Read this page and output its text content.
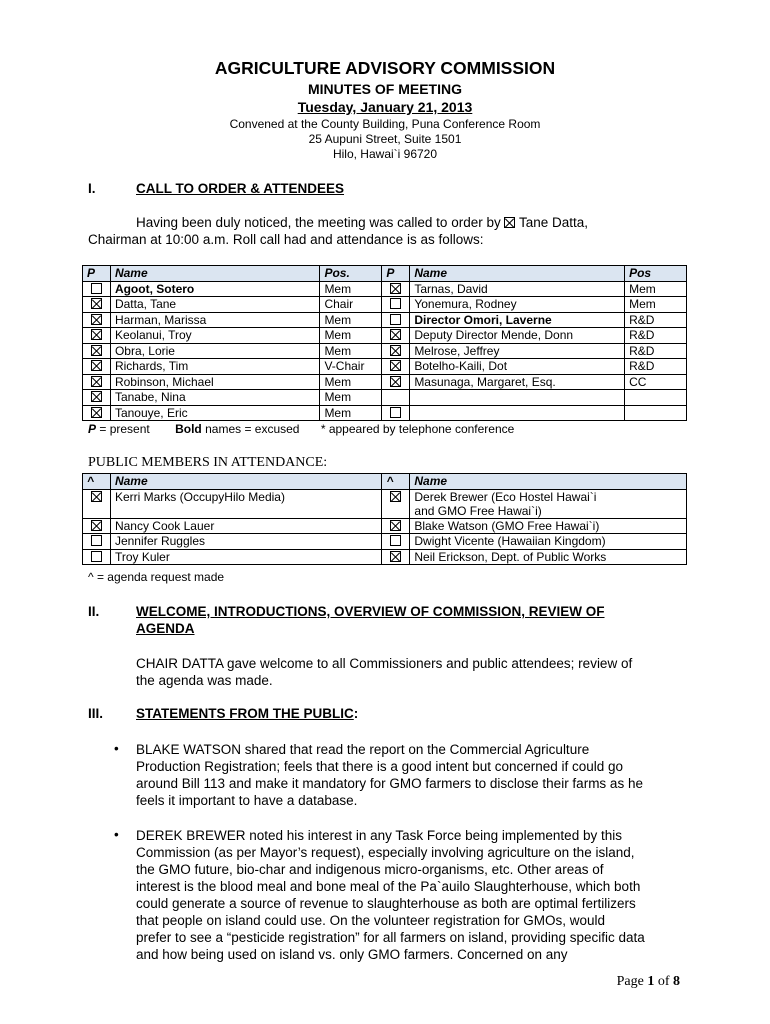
AGRICULTURE ADVISORY COMMISSION
MINUTES OF MEETING
Tuesday, January 21, 2013
Convened at the County Building, Puna Conference Room
25 Aupuni Street, Suite 1501
Hilo, Hawai`i 96720
I.	CALL TO ORDER & ATTENDEES
Having been duly noticed, the meeting was called to order by Tane Datta,
Chairman at 10:00 a.m. Roll call had and attendance is as follows:
P	Name	Pos.	P	Name	Pos
	Agoot, Sotero	Mem		Tarnas, David	Mem
	Datta, Tane	Chair		Yonemura, Rodney	Mem
	Harman, Marissa	Mem		Director Omori, Laverne	R&D
	Keolanui, Troy	Mem		Deputy Director Mende, Donn	R&D
	Obra, Lorie	Mem		Melrose, Jeffrey	R&D
	Richards, Tim	V-Chair		Botelho-Kaili, Dot	R&D
	Robinson, Michael	Mem		Masunaga, Margaret, Esq.	CC
	Tanabe, Nina	Mem			
	Tanouye, Eric	Mem			
P = present Bold names = excused * appeared by telephone conference
PUBLIC MEMBERS IN ATTENDANCE:
^	Name	^	Name
	Kerri Marks (OccupyHilo Media)		Derek Brewer (Eco Hostel Hawai`i
and GMO Free Hawai`i)

	Nancy Cook Lauer		Blake Watson (GMO Free Hawai`i)

	Jennifer Ruggles		Dwight Vicente (Hawaiian Kingdom)

	Troy Kuler		Neil Erickson, Dept. of Public Works
^ = agenda request made
II.	WELCOME, INTRODUCTIONS, OVERVIEW OF COMMISSION, REVIEW OF
AGENDA
CHAIR DATTA gave welcome to all Commissioners and public attendees; review of
the agenda was made.
III. STATEMENTS FROM THE PUBLIC:
• BLAKE WATSON shared that read the report on the Commercial Agriculture
Production Registration; feels that there is a good intent but concerned if could go
around Bill 113 and make it mandatory for GMO farmers to disclose their farms as he
feels it important to have a database.
• DEREK BREWER noted his interest in any Task Force being implemented by this
Commission (as per Mayor’s request), especially involving agriculture on the island,
the GMO future, bio-char and indigenous micro-organisms, etc. Other areas of
interest is the blood meal and bone meal of the Pa`auilo Slaughterhouse, which both
could generate a source of revenue to slaughterhouse as both are optimal fertilizers
that people on island could use. On the volunteer registration for GMOs, would
prefer to see a “pesticide registration” for all farmers on island, providing specific data
and how being used on island vs. only GMO farmers. Concerned on any
Page 1 of 8
